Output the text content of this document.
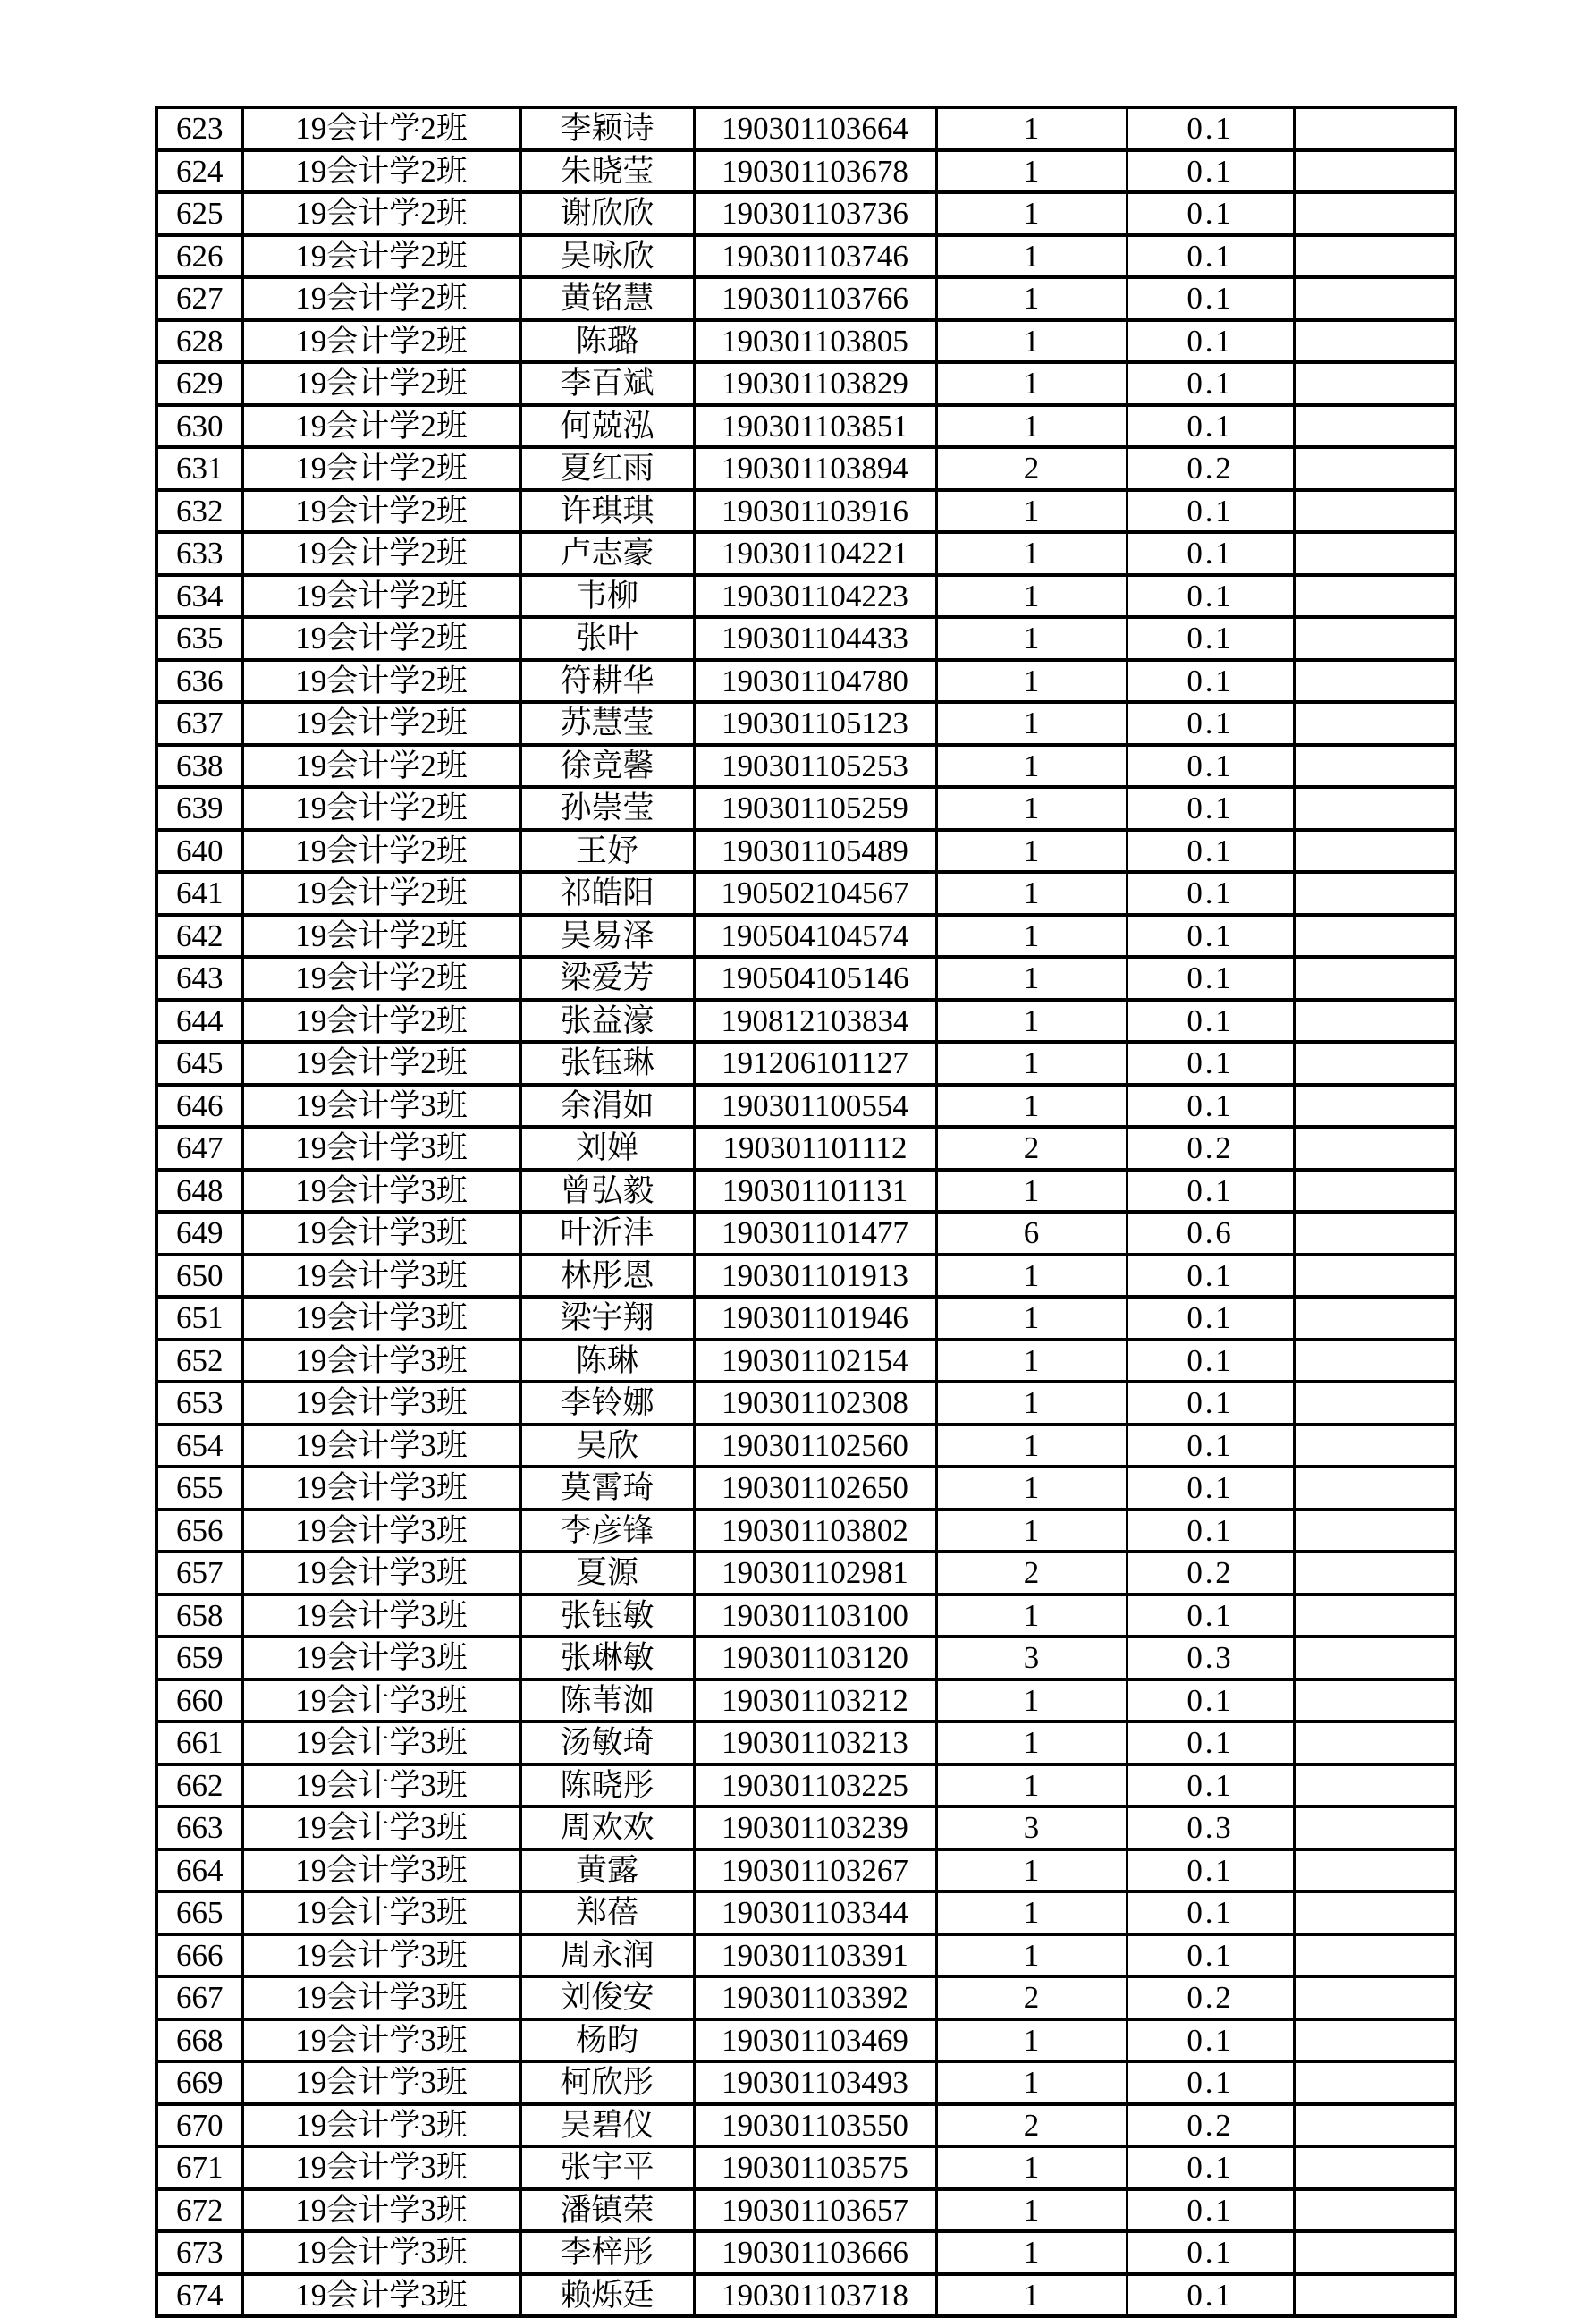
623	19会计学2班	李颖诗	190301103664	1	0.1	
624	19会计学2班	朱晓莹	190301103678	1	0.1	
625	19会计学2班	谢欣欣	190301103736	1	0.1	
626	19会计学2班	吴咏欣	190301103746	1	0.1	
627	19会计学2班	黄铭慧	190301103766	1	0.1	
628	19会计学2班	陈璐	190301103805	1	0.1	
629	19会计学2班	李百斌	190301103829	1	0.1	
630	19会计学2班	何兢泓	190301103851	1	0.1	
631	19会计学2班	夏红雨	190301103894	2	0.2	
632	19会计学2班	许琪琪	190301103916	1	0.1	
633	19会计学2班	卢志豪	190301104221	1	0.1	
634	19会计学2班	韦柳	190301104223	1	0.1	
635	19会计学2班	张叶	190301104433	1	0.1	
636	19会计学2班	符耕华	190301104780	1	0.1	
637	19会计学2班	苏慧莹	190301105123	1	0.1	
638	19会计学2班	徐竟馨	190301105253	1	0.1	
639	19会计学2班	孙崇莹	190301105259	1	0.1	
640	19会计学2班	王妤	190301105489	1	0.1	
641	19会计学2班	祁皓阳	190502104567	1	0.1	
642	19会计学2班	吴易泽	190504104574	1	0.1	
643	19会计学2班	梁爱芳	190504105146	1	0.1	
644	19会计学2班	张益濠	190812103834	1	0.1	
645	19会计学2班	张钰琳	191206101127	1	0.1	
646	19会计学3班	余涓如	190301100554	1	0.1	
647	19会计学3班	刘婵	190301101112	2	0.2	
648	19会计学3班	曾弘毅	190301101131	1	0.1	
649	19会计学3班	叶沂沣	190301101477	6	0.6	
650	19会计学3班	林彤恩	190301101913	1	0.1	
651	19会计学3班	梁宇翔	190301101946	1	0.1	
652	19会计学3班	陈琳	190301102154	1	0.1	
653	19会计学3班	李铃娜	190301102308	1	0.1	
654	19会计学3班	吴欣	190301102560	1	0.1	
655	19会计学3班	莫霄琦	190301102650	1	0.1	
656	19会计学3班	李彦锋	190301103802	1	0.1	
657	19会计学3班	夏源	190301102981	2	0.2	
658	19会计学3班	张钰敏	190301103100	1	0.1	
659	19会计学3班	张琳敏	190301103120	3	0.3	
660	19会计学3班	陈苇洳	190301103212	1	0.1	
661	19会计学3班	汤敏琦	190301103213	1	0.1	
662	19会计学3班	陈晓彤	190301103225	1	0.1	
663	19会计学3班	周欢欢	190301103239	3	0.3	
664	19会计学3班	黄露	190301103267	1	0.1	
665	19会计学3班	郑蓓	190301103344	1	0.1	
666	19会计学3班	周永润	190301103391	1	0.1	
667	19会计学3班	刘俊安	190301103392	2	0.2	
668	19会计学3班	杨昀	190301103469	1	0.1	
669	19会计学3班	柯欣彤	190301103493	1	0.1	
670	19会计学3班	吴碧仪	190301103550	2	0.2	
671	19会计学3班	张宇平	190301103575	1	0.1	
672	19会计学3班	潘镇荣	190301103657	1	0.1	
673	19会计学3班	李梓彤	190301103666	1	0.1	
674	19会计学3班	赖烁廷	190301103718	1	0.1	
